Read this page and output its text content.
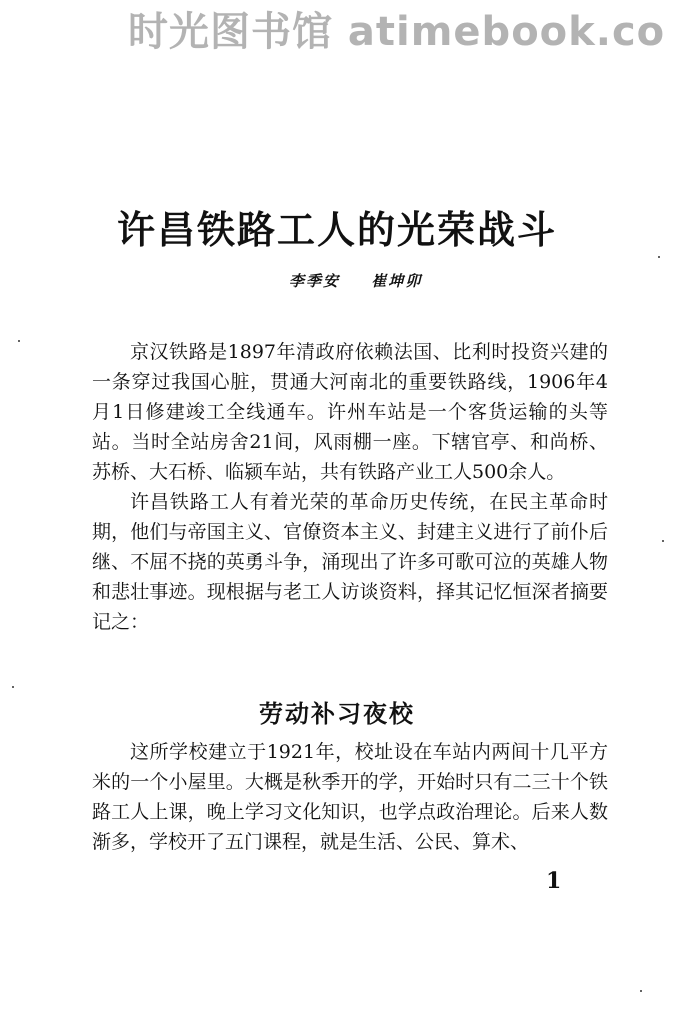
时光图书馆 atimebook.co
许昌铁路工人的光荣战斗
李季安 崔坤卯

京汉铁路是1897年清政府依赖法国、比利时投资兴建的一条穿过我国心脏，贯通大河南北的重要铁路线，1906年4月1日修建竣工全线通车。许州车站是一个客货运输的头等站。当时全站房舍21间，风雨棚一座。下辖官亭、和尚桥、苏桥、大石桥、临颍车站，共有铁路产业工人500余人。

许昌铁路工人有着光荣的革命历史传统，在民主革命时期，他们与帝国主义、官僚资本主义、封建主义进行了前仆后继、不屈不挠的英勇斗争，涌现出了许多可歌可泣的英雄人物和悲壮事迹。现根据与老工人访谈资料，择其记忆恒深者摘要记之：

劳动补习夜校

这所学校建立于1921年，校址设在车站内两间十几平方米的一个小屋里。大概是秋季开的学，开始时只有二三十个铁路工人上课，晚上学习文化知识，也学点政治理论。后来人数渐多，学校开了五门课程，就是生活、公民、算术、

1
